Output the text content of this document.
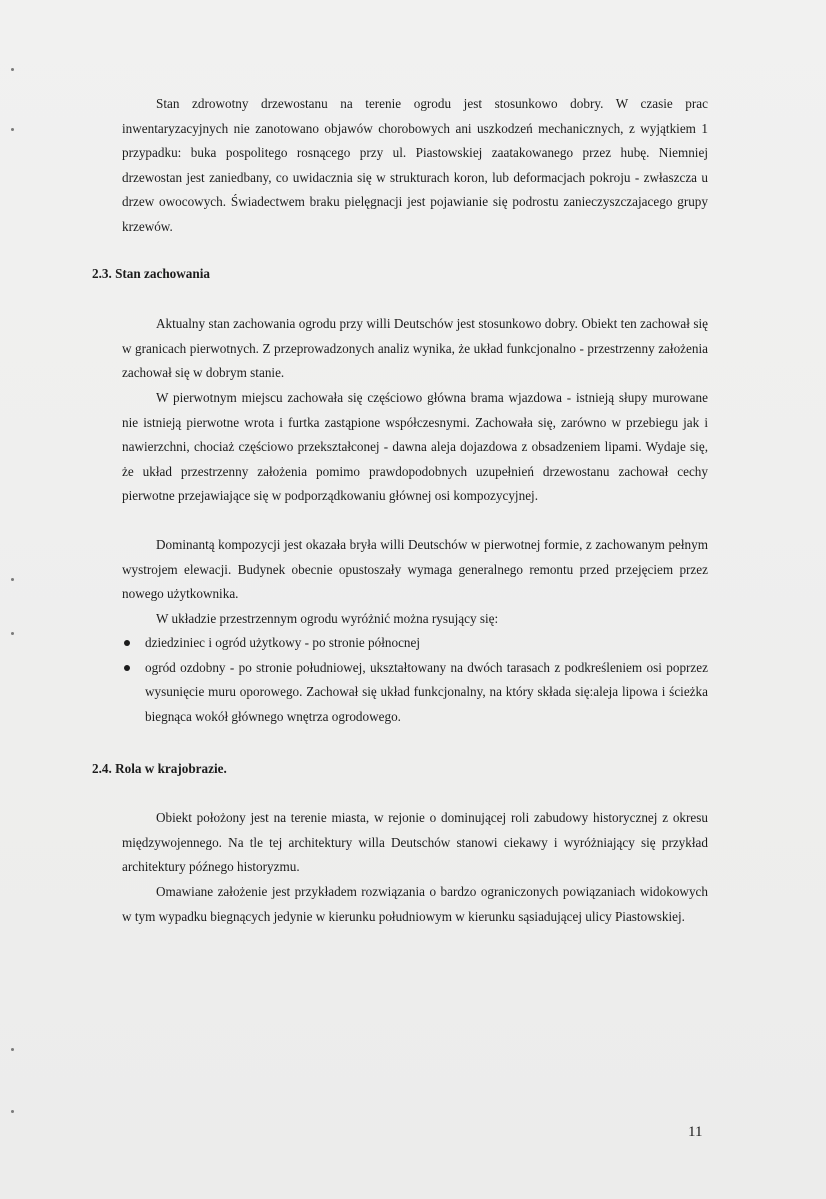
Stan zdrowotny drzewostanu na terenie ogrodu jest stosunkowo dobry. W czasie prac inwentaryzacyjnych nie zanotowano objawów chorobowych ani uszkodzeń mechanicznych, z wyjątkiem 1 przypadku: buka pospolitego rosnącego przy ul. Piastowskiej zaatakowanego przez hubę. Niemniej drzewostan jest zaniedbany, co uwidacznia się w strukturach koron, lub deformacjach pokroju - zwłaszcza u drzew owocowych. Świadectwem braku pielęgnacji jest pojawianie się podrostu zanieczyszczajacego grupy krzewów.

2.3. Stan zachowania

Aktualny stan zachowania ogrodu przy willi Deutschów jest stosunkowo dobry. Obiekt ten zachował się w granicach pierwotnych. Z przeprowadzonych analiz wynika, że układ funkcjonalno - przestrzenny założenia zachował się w dobrym stanie.

W pierwotnym miejscu zachowała się częściowo główna brama wjazdowa - istnieją słupy murowane nie istnieją pierwotne wrota i furtka zastąpione współczesnymi. Zachowała się, zarówno w przebiegu jak i nawierzchni, chociaż częściowo przekształconej - dawna aleja dojazdowa z obsadzeniem lipami. Wydaje się, że układ przestrzenny założenia pomimo prawdopodobnych uzupełnień drzewostanu zachował cechy pierwotne przejawiające się w podporządkowaniu głównej osi kompozycyjnej.

Dominantą kompozycji jest okazała bryła willi Deutschów w pierwotnej formie, z zachowanym pełnym wystrojem elewacji. Budynek obecnie opustoszały wymaga generalnego remontu przed przejęciem przez nowego użytkownika.

W układzie przestrzennym ogrodu wyróżnić można rysujący się:

dziedziniec i ogród użytkowy - po stronie północnej
ogród ozdobny - po stronie południowej, ukształtowany na dwóch tarasach z podkreśleniem osi poprzez wysunięcie muru oporowego. Zachował się układ funkcjonalny, na który składa się:aleja lipowa i ścieżka biegnąca wokół głównego wnętrza ogrodowego.
2.4. Rola w krajobrazie.

Obiekt położony jest na terenie miasta, w rejonie o dominującej roli zabudowy historycznej z okresu międzywojennego. Na tle tej architektury willa Deutschów stanowi ciekawy i wyróżniający się przykład architektury późnego historyzmu.

Omawiane założenie jest przykładem rozwiązania o bardzo ograniczonych powiązaniach widokowych w tym wypadku biegnących jedynie w kierunku południowym w kierunku sąsiadującej ulicy Piastowskiej.

11
